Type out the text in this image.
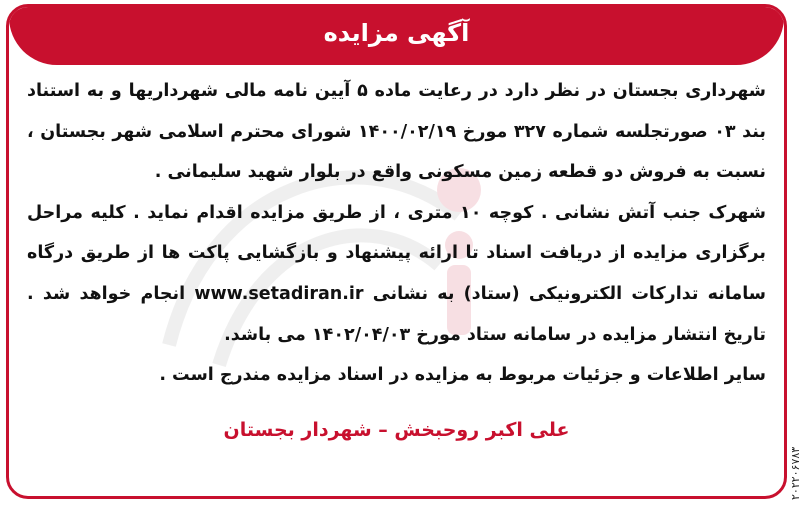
آگهی مزایده

شهرداری بجستان در نظر دارد در رعایت ماده ۵ آیین نامه مالی شهرداریها و به استناد بند ۰۳ صورتجلسه شماره ۳۲۷ مورخ ۱۴۰۰/۰۲/۱۹ شورای محترم اسلامی شهر بجستان ، نسبت به فروش دو قطعه زمین مسکونی واقع در بلوار شهید سلیمانی .

شهرک جنب آتش نشانی . کوچه ۱۰ متری ، از طریق مزایده اقدام نماید . کلیه مراحل برگزاری مزایده از دریافت اسناد تا ارائه پیشنهاد و بازگشایی پاکت ها از طریق درگاه سامانه تدارکات الکترونیکی (ستاد) به نشانی www.setadiran.ir انجام خواهد شد . تاریخ انتشار مزایده در سامانه ستاد مورخ ۱۴۰۲/۰۴/۰۳ می باشد.

سایر اطلاعات و جزئیات مربوط به مزایده در اسناد مزایده مندرج است .

علی اکبر روحبخش – شهردار بجستان
۲۰۲۲۰۶۷۸۳
